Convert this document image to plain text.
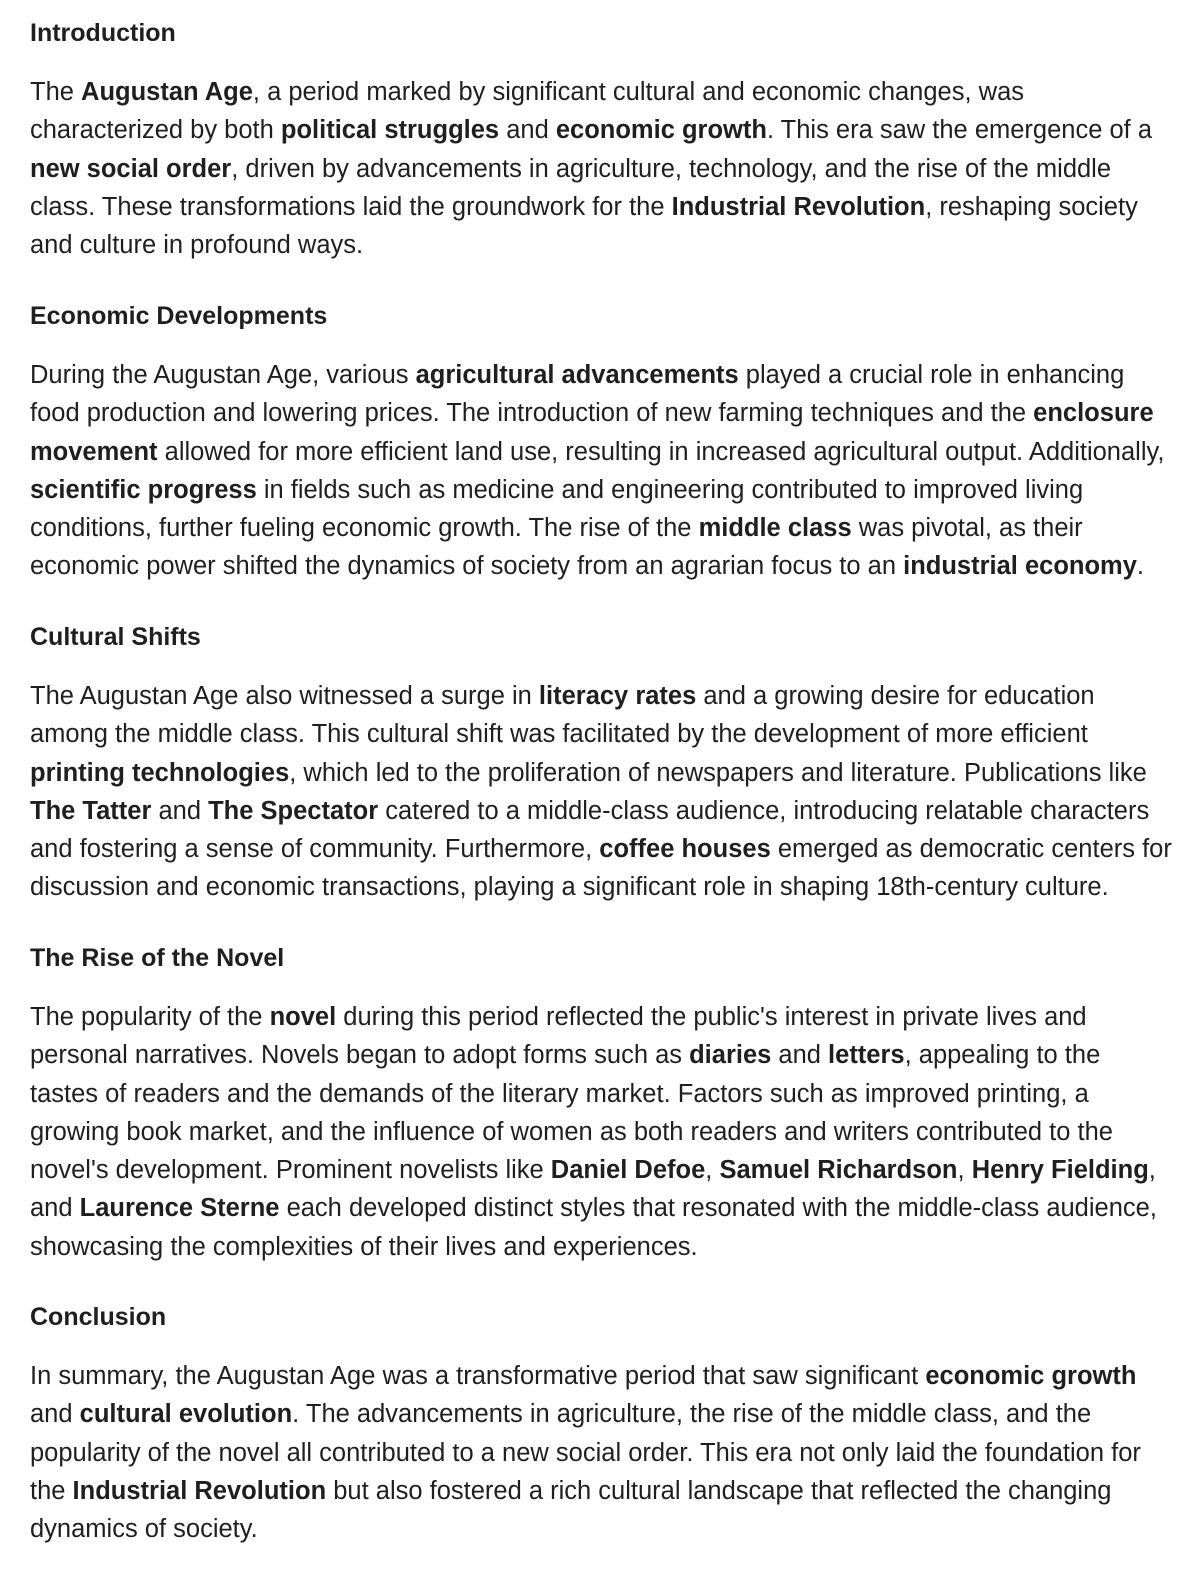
Introduction

The Augustan Age, a period marked by significant cultural and economic changes, was characterized by both political struggles and economic growth. This era saw the emergence of a new social order, driven by advancements in agriculture, technology, and the rise of the middle class. These transformations laid the groundwork for the Industrial Revolution, reshaping society and culture in profound ways.

Economic Developments

During the Augustan Age, various agricultural advancements played a crucial role in enhancing food production and lowering prices. The introduction of new farming techniques and the enclosure movement allowed for more efficient land use, resulting in increased agricultural output. Additionally, scientific progress in fields such as medicine and engineering contributed to improved living conditions, further fueling economic growth. The rise of the middle class was pivotal, as their economic power shifted the dynamics of society from an agrarian focus to an industrial economy.

Cultural Shifts

The Augustan Age also witnessed a surge in literacy rates and a growing desire for education among the middle class. This cultural shift was facilitated by the development of more efficient printing technologies, which led to the proliferation of newspapers and literature. Publications like The Tatter and The Spectator catered to a middle-class audience, introducing relatable characters and fostering a sense of community. Furthermore, coffee houses emerged as democratic centers for discussion and economic transactions, playing a significant role in shaping 18th-century culture.

The Rise of the Novel

The popularity of the novel during this period reflected the public's interest in private lives and personal narratives. Novels began to adopt forms such as diaries and letters, appealing to the tastes of readers and the demands of the literary market. Factors such as improved printing, a growing book market, and the influence of women as both readers and writers contributed to the novel's development. Prominent novelists like Daniel Defoe, Samuel Richardson, Henry Fielding, and Laurence Sterne each developed distinct styles that resonated with the middle-class audience, showcasing the complexities of their lives and experiences.

Conclusion

In summary, the Augustan Age was a transformative period that saw significant economic growth and cultural evolution. The advancements in agriculture, the rise of the middle class, and the popularity of the novel all contributed to a new social order. This era not only laid the foundation for the Industrial Revolution but also fostered a rich cultural landscape that reflected the changing dynamics of society.
